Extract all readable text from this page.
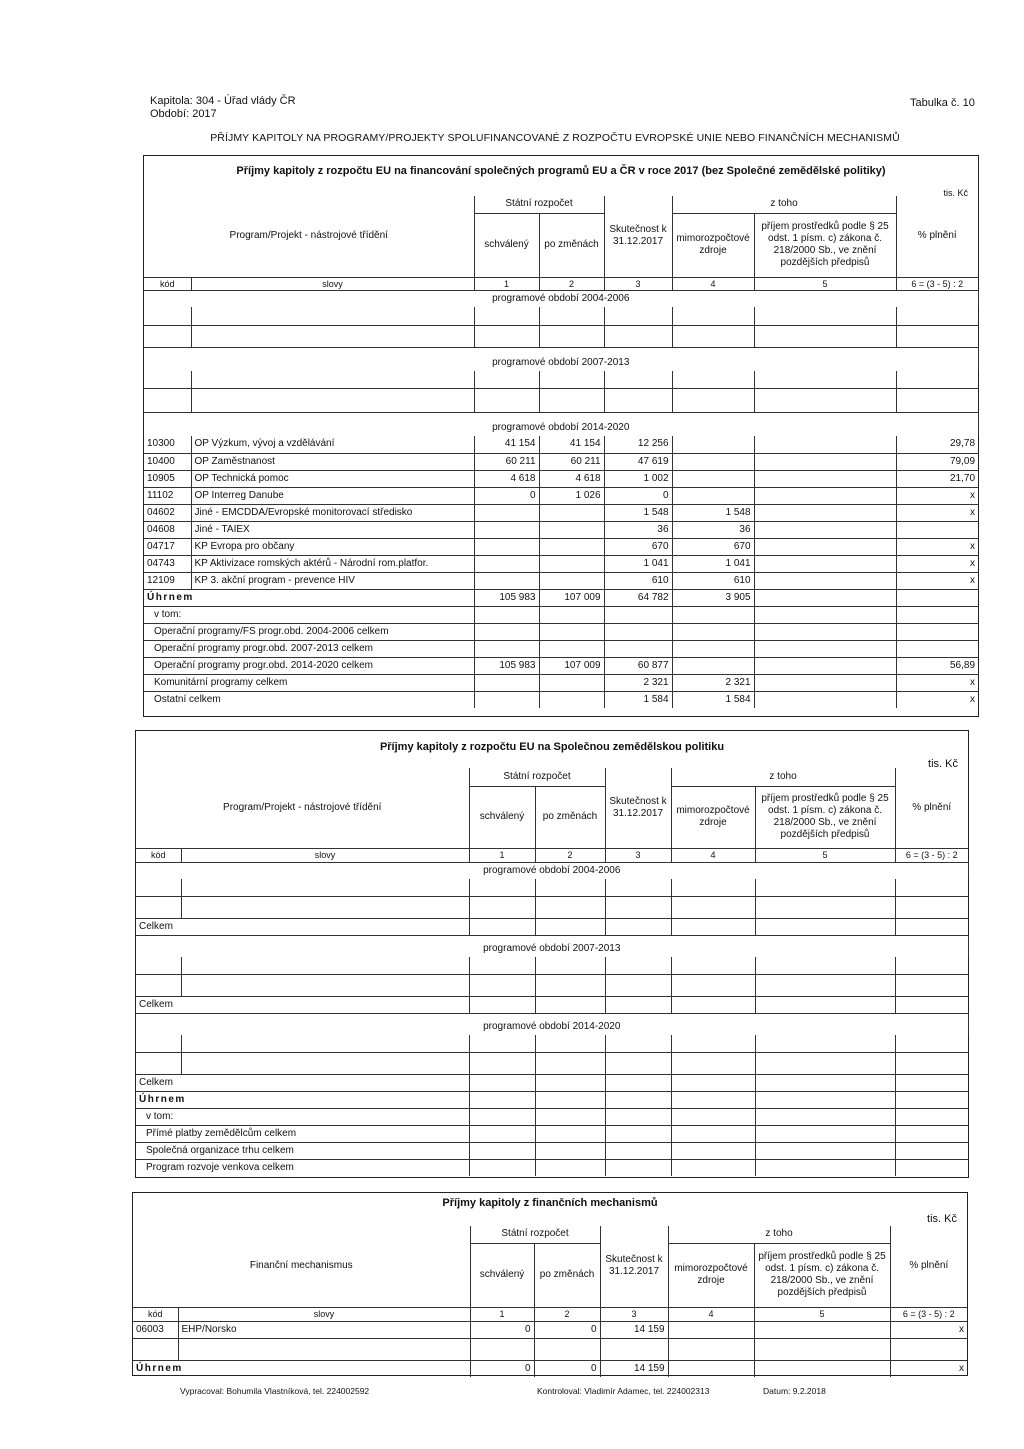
Kapitola: 304 - Úřad vlády ČR
Období: 2017
Tabulka č. 10
PŘÍJMY KAPITOLY NA PROGRAMY/PROJEKTY SPOLUFINANCOVANÉ Z ROZPOČTU EVROPSKÉ UNIE NEBO FINANČNÍCH MECHANISMŮ
Příjmy kapitoly z rozpočtu EU na financování společných programů EU a ČR v roce 2017 (bez Společné zemědělské politiky)
tis. Kč
Program/Projekt - nástrojové třídění		Státní rozpočet		Skutečnost k 31.12.2017	z toho		% plnění
		schválený	po změnách		mimorozpočtové zdroje	příjem prostředků podle § 25 odst. 1 písm. c) zákona č. 218/2000 Sb., ve znění pozdějších předpisů	
kód	slovy	1	2	3	4	5	6 = (3 - 5) : 2
programové období 2004-2006							

programové období 2007-2013							

programové období 2014-2020							
10300	OP Výzkum, vývoj a vzdělávání	41 154	41 154	12 256			29,78
10400	OP Zaměstnanost	60 211	60 211	47 619			79,09
10905	OP Technická pomoc	4 618	4 618	1 002			21,70
11102	OP Interreg Danube	0	1 026	0			x
04602	Jiné - EMCDDA/Evropské monitorovací středisko			1 548	1 548		x
04608	Jiné - TAIEX			36	36		
04717	KP Evropa pro občany			670	670		x
04743	KP Aktivizace romských aktérů - Národní rom.platfor.			1 041	1 041		x
12109	KP 3. akční program - prevence HIV			610	610		x
Úhrnem		105 983	107 009	64 782	3 905		
v tom:							
Operační programy/FS progr.obd. 2004-2006 celkem							
Operační programy progr.obd. 2007-2013 celkem							
Operační programy progr.obd. 2014-2020 celkem		105 983	107 009	60 877			56,89
Komunitární programy celkem				2 321	2 321		x
Ostatní celkem				1 584	1 584		x
Příjmy kapitoly z rozpočtu EU na Společnou zemědělskou politiku
tis. Kč
Program/Projekt - nástrojové třídění		Státní rozpočet		Skutečnost k 31.12.2017	z toho		% plnění
		schválený	po změnách		mimorozpočtové zdroje	příjem prostředků podle § 25 odst. 1 písm. c) zákona č. 218/2000 Sb., ve znění pozdějších předpisů	
kód	slovy	1	2	3	4	5	6 = (3 - 5) : 2
programové období 2004-2006							

Celkem							
programové období 2007-2013							

Celkem							
programové období 2014-2020							

Celkem							
Úhrnem							
v tom:							
Přímé platby zemědělcům celkem							
Společná organizace trhu celkem							
Program rozvoje venkova celkem							
Příjmy kapitoly z finančních mechanismů
tis. Kč
Finanční mechanismus		Státní rozpočet		Skutečnost k 31.12.2017	z toho		% plnění
		schválený	po změnách		mimorozpočtové zdroje	příjem prostředků podle § 25 odst. 1 písm. c) zákona č. 218/2000 Sb., ve znění pozdějších předpisů	
kód	slovy	1	2	3	4	5	6 = (3 - 5) : 2
06003	EHP/Norsko	0	0	14 159			x

Úhrnem		0	0	14 159			x
Vypracoval: Bohumila Vlastníková, tel. 224002592	Kontroloval: Vladimír Adamec, tel. 224002313	Datum: 9.2.2018
